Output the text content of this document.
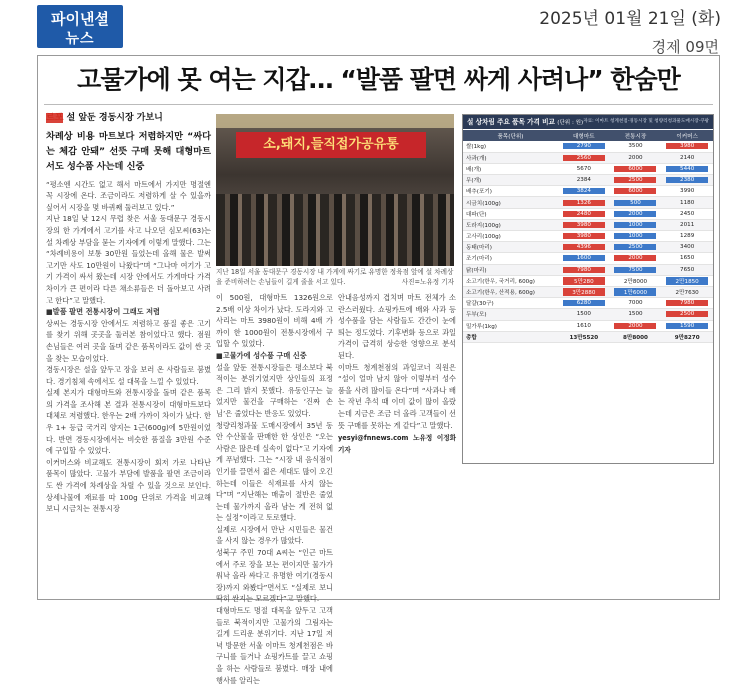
파이낸셜
뉴스
2025년 01월 21일 (화)
경제 09면
고물가에 못 여는 지갑… “발품 팔면 싸게 사려나” 한숨만
르포 설 앞둔 경동시장 가보니
차례상 비용 마트보다 저렴하지만 “싸다는 체감 안돼” 선뜻 구매 못해 대형마트서도 성수품 사는데 신중
“평소엔 시간도 없고 해서 마트에서 가지만 명절엔 꼭 시장에 온다. 조금이라도 저렴하게 살 수 있을까 싶어서 시장을 몇 바퀴째 둘러보고 있다.”
지난 18일 낮 12시 무렵 찾은 서울 동대문구 경동시장의 한 가게에서 고기를 사고 나오던 심모씨(63)는 설 차례상 부담을 묻는 기자에게 이렇게 말했다. 그는 “차례비용이 보통 30만원 들었는데 올해 물은 발써 고기만 사도 10만원이 나왔다”며 “그나마 여기가 고기 가격이 싸서 왔는데 시장 안에서도 가게마다 가격 차이가 큰 편이라 다른 채소류들은 더 돌아보고 사려고 한다”고 말했다.
■발품 팔면 전통시장이 그래도 저렴
상씨는 경동시장 안에서도 저렴하고 품질 좋은 고기를 찾기 위해 곳곳을 둘러본 참이었다고 했다. 점원 손님들은 여러 곳을 돌며 같은 품목이라도 값이 싼 곳을 찾는 모습이었다.
경동시장은 설을 앞두고 장을 보러 온 사람들로 붐볐다. 경기침체 속에서도 설 대목을 느낄 수 있었다.
실제 본지가 대형마트와 전통시장을 돌며 같은 품목의 가격을 조사해 본 결과 전통시장이 대형마트보다 대체로 저렴했다. 한우는 2배 가까이 차이가 났다. 한우 1+ 등급 국거리 양지는 1근(600g)에 5만원이었다. 반면 경동시장에서는 비슷한 품질을 3만원 수준에 구입할 수 있었다.
이커머스와 비교해도 전통시장이 회저 가로 나타난 품목이 많았다. 고물가 부담에 발품을 팔면 조금이라도 싼 가격에 차례상을 차릴 수 있을 것으로 보인다. 상세나물에 재료를 따 100g 단위로 가격을 비교해 보니 시금치는 전통시장
소,돼지,들직접가공유통
지난 18일 서울 동대문구 경동시장 내 가게에 싸기로 유명한 정육점 앞에 설 차례상을 준비하려는 손님들이 길게 줄을 서고 있다.	사진=노유정 기자
이 500원, 대형마트 1326원으로 2.5배 이상 차이가 났다. 도라지와 고사리는 마트 3980원이 비해 4배 가까이 한 1000원이 전통시장에서 구입할 수 있었다.
■고물가에 성수품 구매 신중
설을 앞둔 전통시장들은 평소보다 북적이는 분위기였지만 상인들의 표정은 그리 밝지 못했다. 유동인구는 늘었지만 물건을 구매하는 ‘진짜 손님’은 줄었다는 반응도 있었다.
청량리청과물 도매시장에서 35년 동안 수산물을 판매한 한 상인은 “오는 사람은 많은데 실속이 없다”고 기자에게 푸념했다. 그는 “시장 내 음식점이 인기를 끌면서 젊은 세대도 많이 오긴 하는데 이들은 식재료를 사지 않는다”며 “지난해는 매출이 절반은 줄었는데 물가까지 올라 남는 게 전혀 없는 실정”이라고 토로했다.
실제로 시장에서 만난 시민들은 물건을 사지 않는 경우가 많았다.
성북구 주민 70대 A씨는 “인근 마트에서 주로 장을 보는 편이지만 물가가 워낙 올라 싸다고 유명한 여기(경동시장)까지 와봤다”면서도 “실제로 보니 딱히 싼지는 모르겠다”고 말했다.
대형마트도 명절 대목을 앞두고 고객들로 북적이지만 고물가의 그림자는 길게 드리운 분위기다. 지난 17일 저녁 방문한 서울 이마트 청계천점은 바구니를 들거나 쇼핑카트를 끌고 쇼핑을 하는 사람들로 붐볐다. 매장 내에 행사를 알리는
안내음성까지 겹치며 마트 전체가 소란스러웠다. 쇼핑카트에 배와 사과 등 성수품을 담는 사람들도 간간이 눈에 띄는 정도였다. 기후변화 등으로 과일 가격이 급격히 상승한 영향으로 분석된다.
이마트 청계천점의 과일코너 직원은 “설이 얼마 남지 않아 이렇부터 성수품을 사려 많이들 온다”며 “사과나 배는 작년 추석 때 이미 값이 많이 올랐는데 지금은 조금 더 올라 고객들이 선뜻 구매를 못하는 게 같다”고 말했다.
yesyi@fnnews.com 노유정 이정화 기자
설 상차림 주요 품목 가격 비교 (단위 : 원) 자료: 이마트 청계천점·경동시장 및 청량리청과물도매시장·쿠팡
품목(단위)	대형마트	전통시장	이커머스
쌀(1kg)	2790	3500	3980
사과(개)	2560	2000	2140
배(개)	5670	6000	5440
무(개)	2384	2500	2380
배추(포기)	3824	6000	3990
시금치(100g)	1326	500	1180
대파(단)	2480	2000	2450
도라지(100g)	3980	1000	2011
고사리(100g)	3980	1000	1289
동태(마리)	4396	2500	3400
조기(마리)	1600	2000	1650
닭(마리)	7980	7500	7650
소고기(한우, 국거리, 600g)	5만280	2만8000	2만1850
소고기(한우, 산적용, 600g)	3만2880	1만6000	2만7630
달걀(30구)	6280	7000	7980
두부(모)	1500	1500	2500
밀가루(1kg)	1610	2000	1590
총합	13만5520	8만8000	9만8270
